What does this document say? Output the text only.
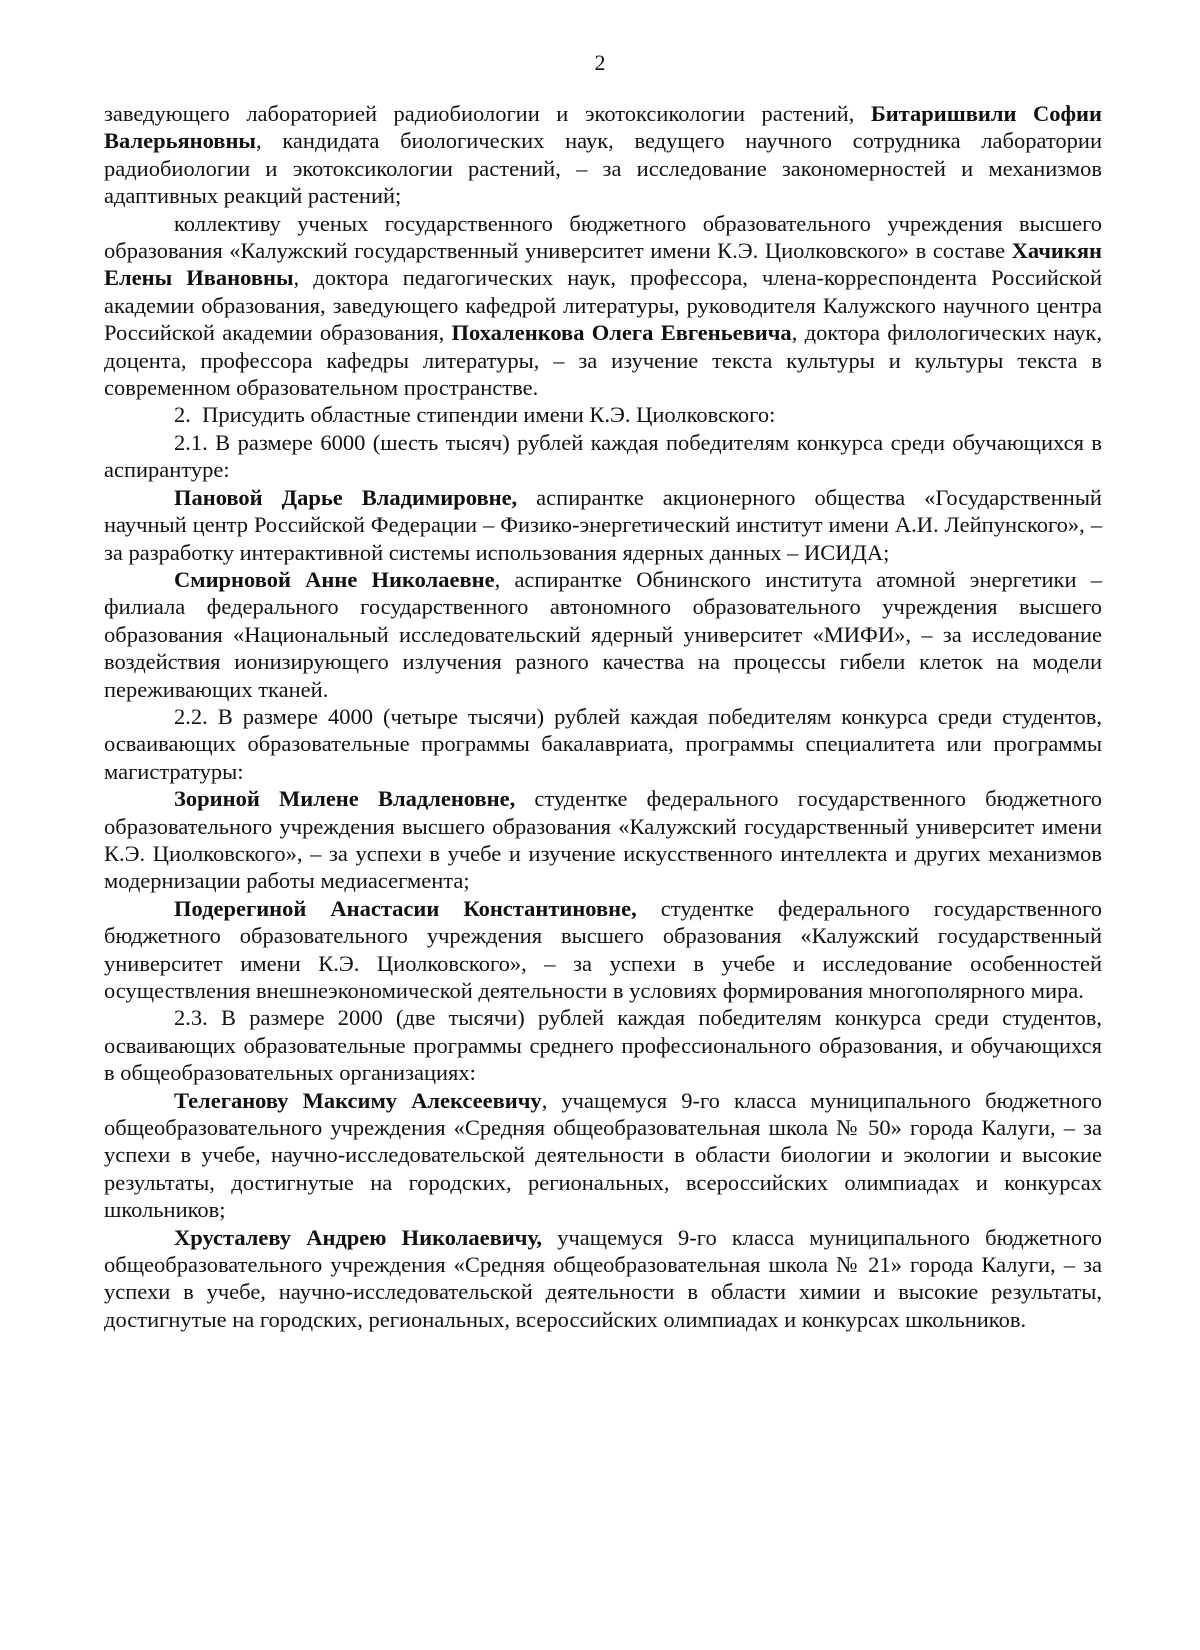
2

заведующего лабораторией радиобиологии и экотоксикологии растений, Битаришвили Софии Валерьяновны, кандидата биологических наук, ведущего научного сотрудника лаборатории радиобиологии и экотоксикологии растений, – за исследование закономерностей и механизмов адаптивных реакций растений;

коллективу ученых государственного бюджетного образовательного учреждения высшего образования «Калужский государственный университет имени К.Э. Циолковского» в составе Хачикян Елены Ивановны, доктора педагогических наук, профессора, члена-корреспондента Российской академии образования, заведующего кафедрой литературы, руководителя Калужского научного центра Российской академии образования, Похаленкова Олега Евгеньевича, доктора филологических наук, доцента, профессора кафедры литературы, – за изучение текста культуры и культуры текста в современном образовательном пространстве.

2.  Присудить областные стипендии имени К.Э. Циолковского:

2.1. В размере 6000 (шесть тысяч) рублей каждая победителям конкурса среди обучающихся в аспирантуре:

Пановой Дарье Владимировне, аспирантке акционерного общества «Государственный научный центр Российской Федерации – Физико-энергетический институт имени А.И. Лейпунского», – за разработку интерактивной системы использования ядерных данных – ИСИДА;

Смирновой Анне Николаевне, аспирантке Обнинского института атомной энергетики – филиала федерального государственного автономного образовательного учреждения высшего образования «Национальный исследовательский ядерный университет «МИФИ», – за исследование воздействия ионизирующего излучения разного качества на процессы гибели клеток на модели переживающих тканей.

2.2. В размере 4000 (четыре тысячи) рублей каждая победителям конкурса среди студентов, осваивающих образовательные программы бакалавриата, программы специалитета или программы магистратуры:

Зориной Милене Владленовне, студентке федерального государственного бюджетного образовательного учреждения высшего образования «Калужский государственный университет имени К.Э. Циолковского», – за успехи в учебе и изучение искусственного интеллекта и других механизмов модернизации работы медиасегмента;

Подерегиной Анастасии Константиновне, студентке федерального государственного бюджетного образовательного учреждения высшего образования «Калужский государственный университет имени К.Э. Циолковского», – за успехи в учебе и исследование особенностей осуществления внешнеэкономической деятельности в условиях формирования многополярного мира.

2.3. В размере 2000 (две тысячи) рублей каждая победителям конкурса среди студентов, осваивающих образовательные программы среднего профессионального образования, и обучающихся в общеобразовательных организациях:

Телеганову Максиму Алексеевичу, учащемуся 9-го класса муниципального бюджетного общеобразовательного учреждения «Средняя общеобразовательная школа № 50» города Калуги, – за успехи в учебе, научно-исследовательской деятельности в области биологии и экологии и высокие результаты, достигнутые на городских, региональных, всероссийских олимпиадах и конкурсах школьников;

Хрусталеву Андрею Николаевичу, учащемуся 9-го класса муниципального бюджетного общеобразовательного учреждения «Средняя общеобразовательная школа № 21» города Калуги, – за успехи в учебе, научно-исследовательской деятельности в области химии и высокие результаты, достигнутые на городских, региональных, всероссийских олимпиадах и конкурсах школьников.
